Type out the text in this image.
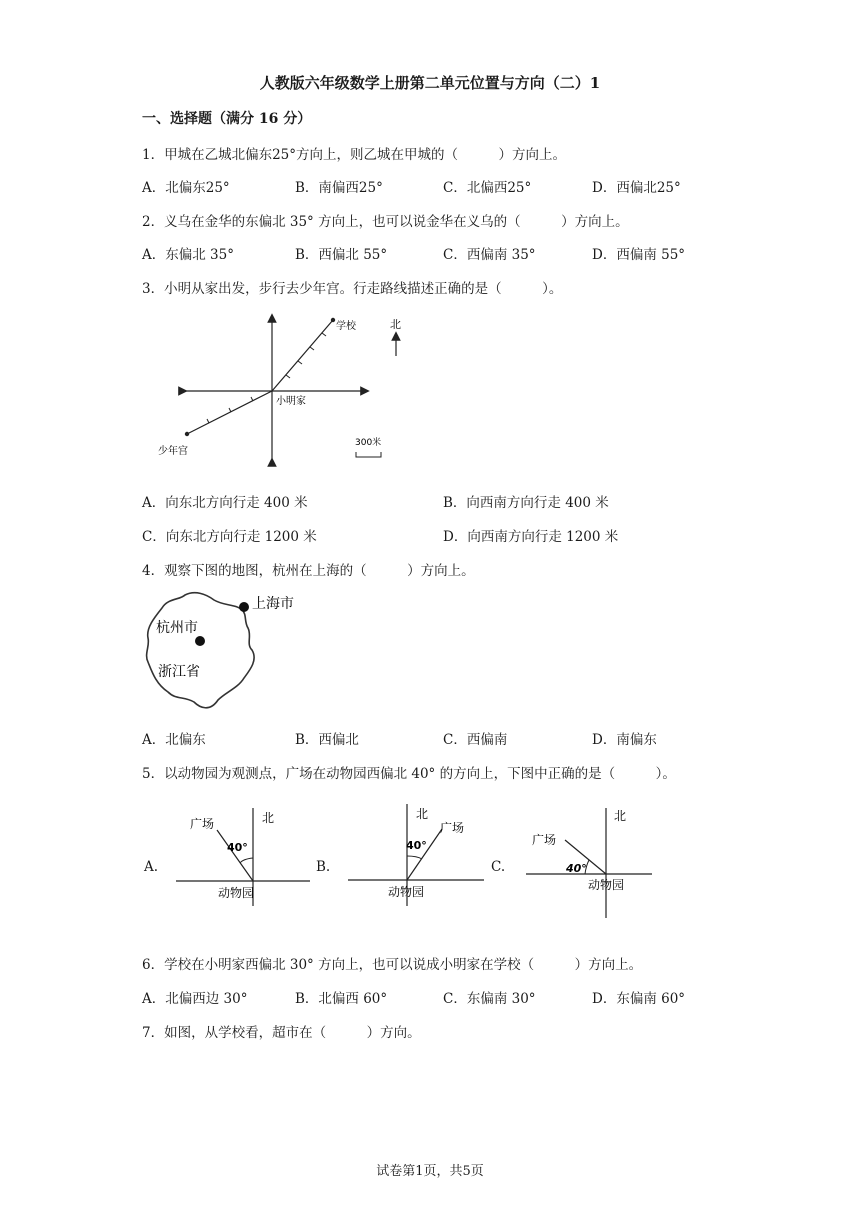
人教版六年级数学上册第二单元位置与方向（二）1
一、选择题（满分 16 分）
1．甲城在乙城北偏东25°方向上，则乙城在甲城的（　　　）方向上。
A．北偏东25°	B．南偏西25°	C．北偏西25°	D．西偏北25°
2．义乌在金华的东偏北 35° 方向上，也可以说金华在义乌的（　　　）方向上。
A．东偏北 35°	B．西偏北 55°	C．西偏南 35°	D．西偏南 55°
3．小明从家出发，步行去少年宫。行走路线描述正确的是（　　　）。
学校
小明家
少年宫
北
300米
A．向东北方向行走 400 米	B．向西南方向行走 400 米
C．向东北方向行走 1200 米	D．向西南方向行走 1200 米
4．观察下图的地图，杭州在上海的（　　　）方向上。
上海市
杭州市
浙江省
A．北偏东	B．西偏北	C．西偏南	D．南偏东
5．以动物园为观测点，广场在动物园西偏北 40° 的方向上，下图中正确的是（　　　）。
A.
广场	北
40°
动物园
B.
北
广场
40°
动物园
C.
北
广场
40°
动物园
6．学校在小明家西偏北 30° 方向上，也可以说成小明家在学校（　　　）方向上。
A．北偏西边 30°	B．北偏西 60°	C．东偏南 30°	D．东偏南 60°
7．如图，从学校看，超市在（　　　）方向。
试卷第1页，共5页
